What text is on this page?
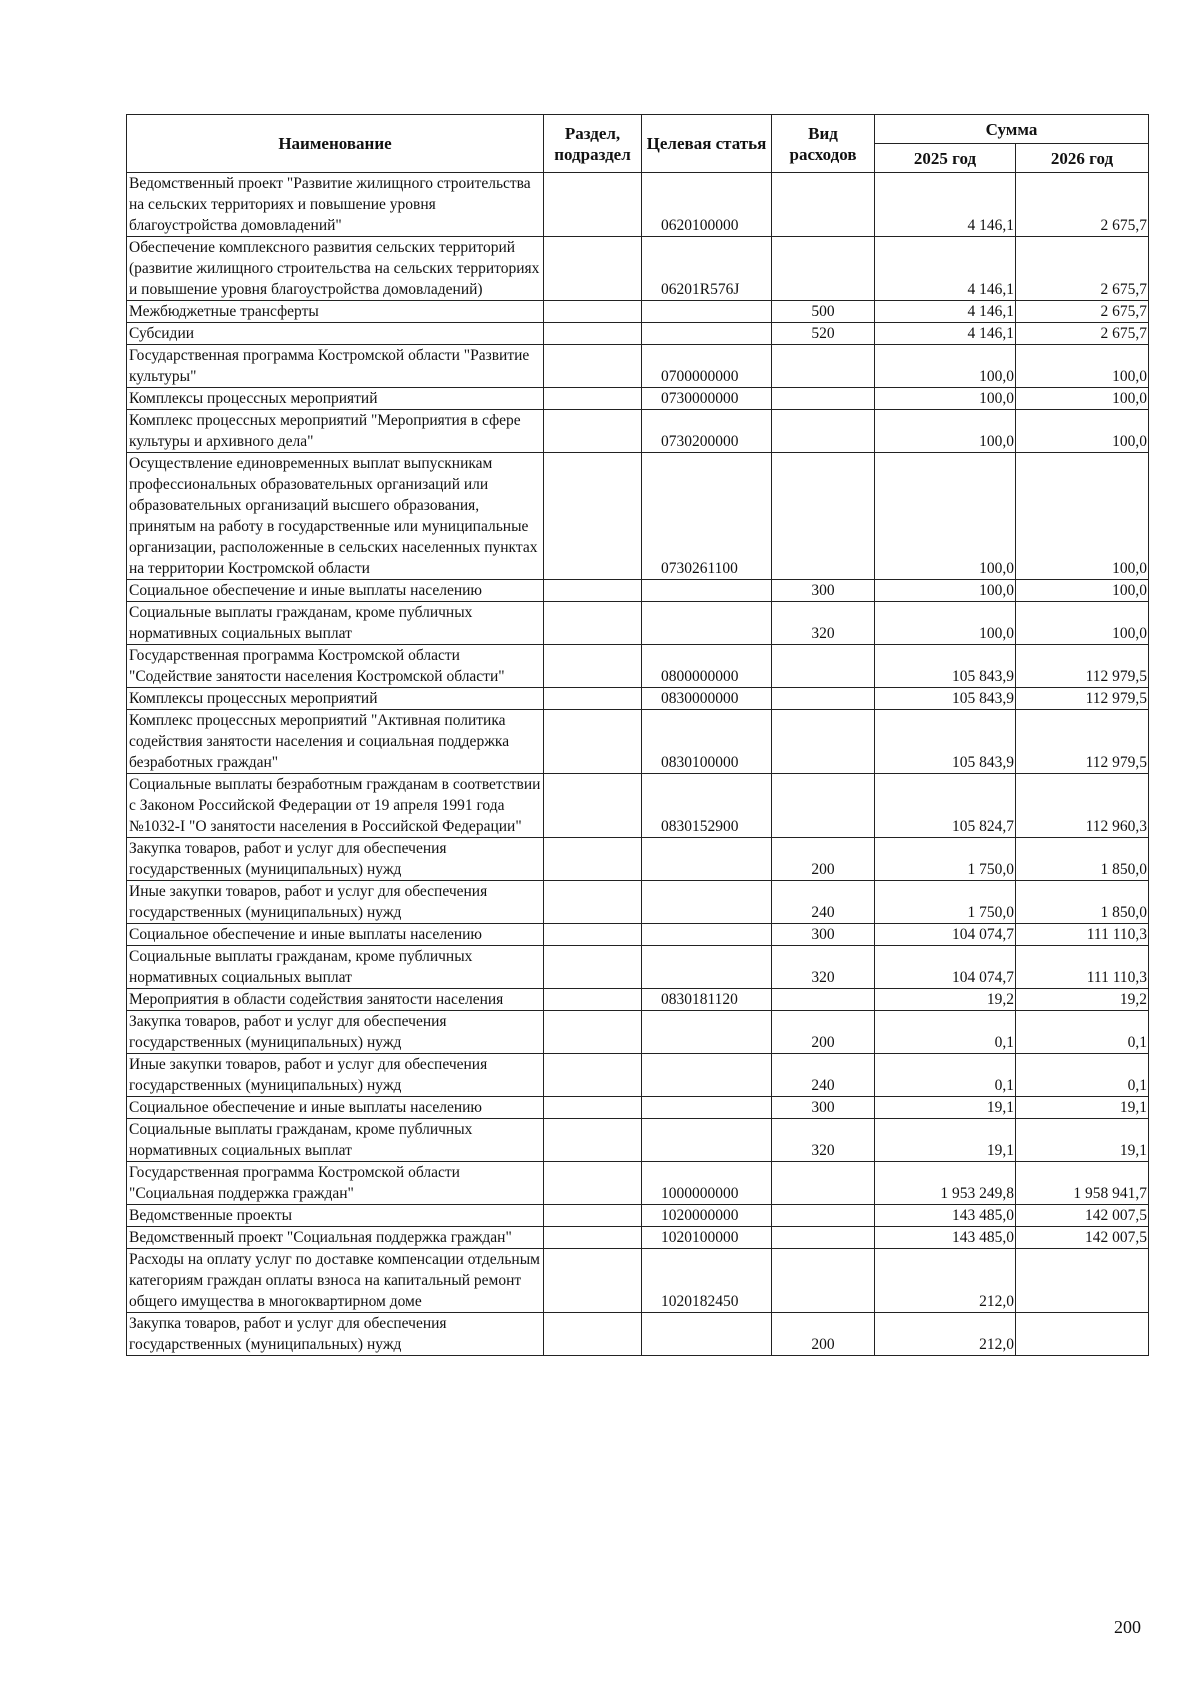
Наименование	Раздел, подраздел	Целевая статья	Вид расходов	Сумма	
				2025 год	2026 год
Ведомственный проект "Развитие жилищного строительства на сельских территориях и повышение уровня благоустройства домовладений"		0620100000		4 146,1	2 675,7
Обеспечение комплексного развития сельских территорий (развитие жилищного строительства на сельских территориях и повышение уровня благоустройства домовладений)		06201R576J		4 146,1	2 675,7
Межбюджетные трансферты			500	4 146,1	2 675,7
Субсидии			520	4 146,1	2 675,7
Государственная программа Костромской области "Развитие культуры"		0700000000		100,0	100,0
Комплексы процессных мероприятий		0730000000		100,0	100,0
Комплекс процессных мероприятий "Мероприятия в сфере культуры и архивного дела"		0730200000		100,0	100,0
Осуществление единовременных выплат выпускникам профессиональных образовательных организаций или образовательных организаций высшего образования, принятым на работу в государственные или муниципальные организации, расположенные в сельских населенных пунктах на территории Костромской области		0730261100		100,0	100,0
Социальное обеспечение и иные выплаты населению			300	100,0	100,0
Социальные выплаты гражданам, кроме публичных нормативных социальных выплат			320	100,0	100,0
Государственная программа Костромской области "Содействие занятости населения Костромской области"		0800000000		105 843,9	112 979,5
Комплексы процессных мероприятий		0830000000		105 843,9	112 979,5
Комплекс процессных мероприятий "Активная политика содействия занятости населения и социальная поддержка безработных граждан"		0830100000		105 843,9	112 979,5
Социальные выплаты безработным гражданам в соответствии с Законом Российской Федерации от 19 апреля 1991 года №1032-I "О занятости населения в Российской Федерации"		0830152900		105 824,7	112 960,3
Закупка товаров, работ и услуг для обеспечения государственных (муниципальных) нужд			200	1 750,0	1 850,0
Иные закупки товаров, работ и услуг для обеспечения государственных (муниципальных) нужд			240	1 750,0	1 850,0
Социальное обеспечение и иные выплаты населению			300	104 074,7	111 110,3
Социальные выплаты гражданам, кроме публичных нормативных социальных выплат			320	104 074,7	111 110,3
Мероприятия в области содействия занятости населения		0830181120		19,2	19,2
Закупка товаров, работ и услуг для обеспечения государственных (муниципальных) нужд			200	0,1	0,1
Иные закупки товаров, работ и услуг для обеспечения государственных (муниципальных) нужд			240	0,1	0,1
Социальное обеспечение и иные выплаты населению			300	19,1	19,1
Социальные выплаты гражданам, кроме публичных нормативных социальных выплат			320	19,1	19,1
Государственная программа Костромской области "Социальная поддержка граждан"		1000000000		1 953 249,8	1 958 941,7
Ведомственные проекты		1020000000		143 485,0	142 007,5
Ведомственный проект "Социальная поддержка граждан"		1020100000		143 485,0	142 007,5
Расходы на оплату услуг по доставке компенсации отдельным категориям граждан оплаты взноса на капитальный ремонт общего имущества в многоквартирном доме		1020182450		212,0	
Закупка товаров, работ и услуг для обеспечения государственных (муниципальных) нужд			200	212,0	
200
